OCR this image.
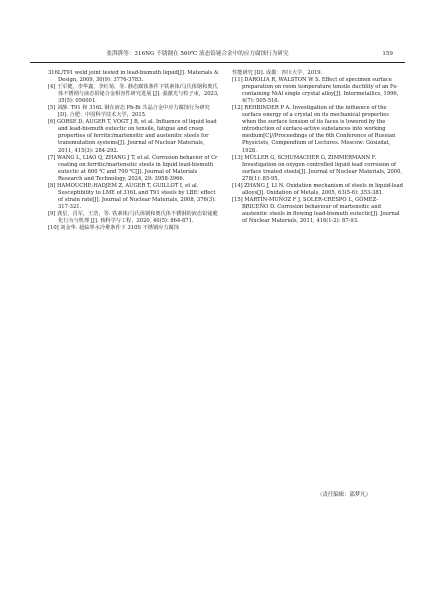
张湃湃等：316NG 不锈钢在 560℃ 液态铅铋合金中的应力腐蚀行为研究	159

316L/T91 weld joint tested in lead-bismuth liquid[J]. Materials & Design, 2009, 30(9): 3776-3783.

[4] 王军健，李华鑫，李红菊，等. 静态腐蚀条件下铁素体/马氏体钢和奥氏体不锈钢与液态铅铋合金相容性研究进展 [J]. 强激光与粒子束，2023, 35(5): 056001.

[5] 刘静. T91 和 316L 钢在液态 Pb-Bi 共晶合金中应力腐蚀行为研究 [D]. 合肥：中国科学技术大学，2015.

[6] GORSE D, AUGER T, VOGT J B, et al. Influence of liquid lead and lead-bismuth eutectic on tensile, fatigue and creep properties of ferritic/martensitic and austenitic steels for transmutation systems[J]. Journal of Nuclear Materials, 2011, 415(3): 284-292.

[7] WANG L, LIAO Q, ZHANG J T, et al. Corrosion behavior of Cr coating on ferritic/martensitic steels in liquid lead-bismuth eutectic at 600 ℃ and 700 ℃[J]. Journal of Materials Research and Technology, 2024, 29: 3958-3966.

[8] HAMOUCHE-HADJEM Z, AUGER T, GUILLOT I, et al. Susceptibility to LME of 316L and T91 steels by LBE: effect of strain rate[J]. Journal of Nuclear Materials, 2008, 376(3): 317-321.

[9] 龚星，肖军，王浩，等. 铁素体/马氏体钢和奥氏体不锈钢的液态铅铋脆化行为与机理 [J]. 核科学与工程，2020, 40(5): 864-871.

[10] 刘金华. 超临界水冷堆条件下 310S 不锈钢应力腐蚀

性能研究 [D]. 成都：四川大学，2019.

[11] DAROLIA R, WALSTON W S. Effect of specimen surface preparation on room temperature tensile ductility of an Fe-containing NiAl single crystal alloy[J]. Intermetallics, 1996, 4(7): 505-516.

[12] REHBINDER P A. Investigation of the influence of the surface energy of a crystal on its mechanical properties when the surface tension of its faces is lowered by the introduction of surface-active substances into working medium[C]//Proceedings of the 6th Conference of Russian Physicists, Compendium of Lectures. Moscow: Gosizdat, 1928.

[13] MÜLLER G, SCHUMACHER G, ZIMMERMANN F. Investigation on oxygen controlled liquid lead corrosion of surface treated steels[J]. Journal of Nuclear Materials, 2000, 278(1): 85-95.

[14] ZHANG J, LI N. Oxidation mechanism of steels in liquid-lead alloys[J]. Oxidation of Metals, 2005, 63(5-6): 353-381.

[15] MARTÍN-MUÑOZ F J, SOLER-CRESPO L, GÓMEZ-BRICEÑO D. Corrosion behaviour of martensitic and austenitic steels in flowing lead-bismuth eutectic[J]. Journal of Nuclear Materials, 2011, 416(1-2): 87-93.

（责任编辑：邵梦凡）
